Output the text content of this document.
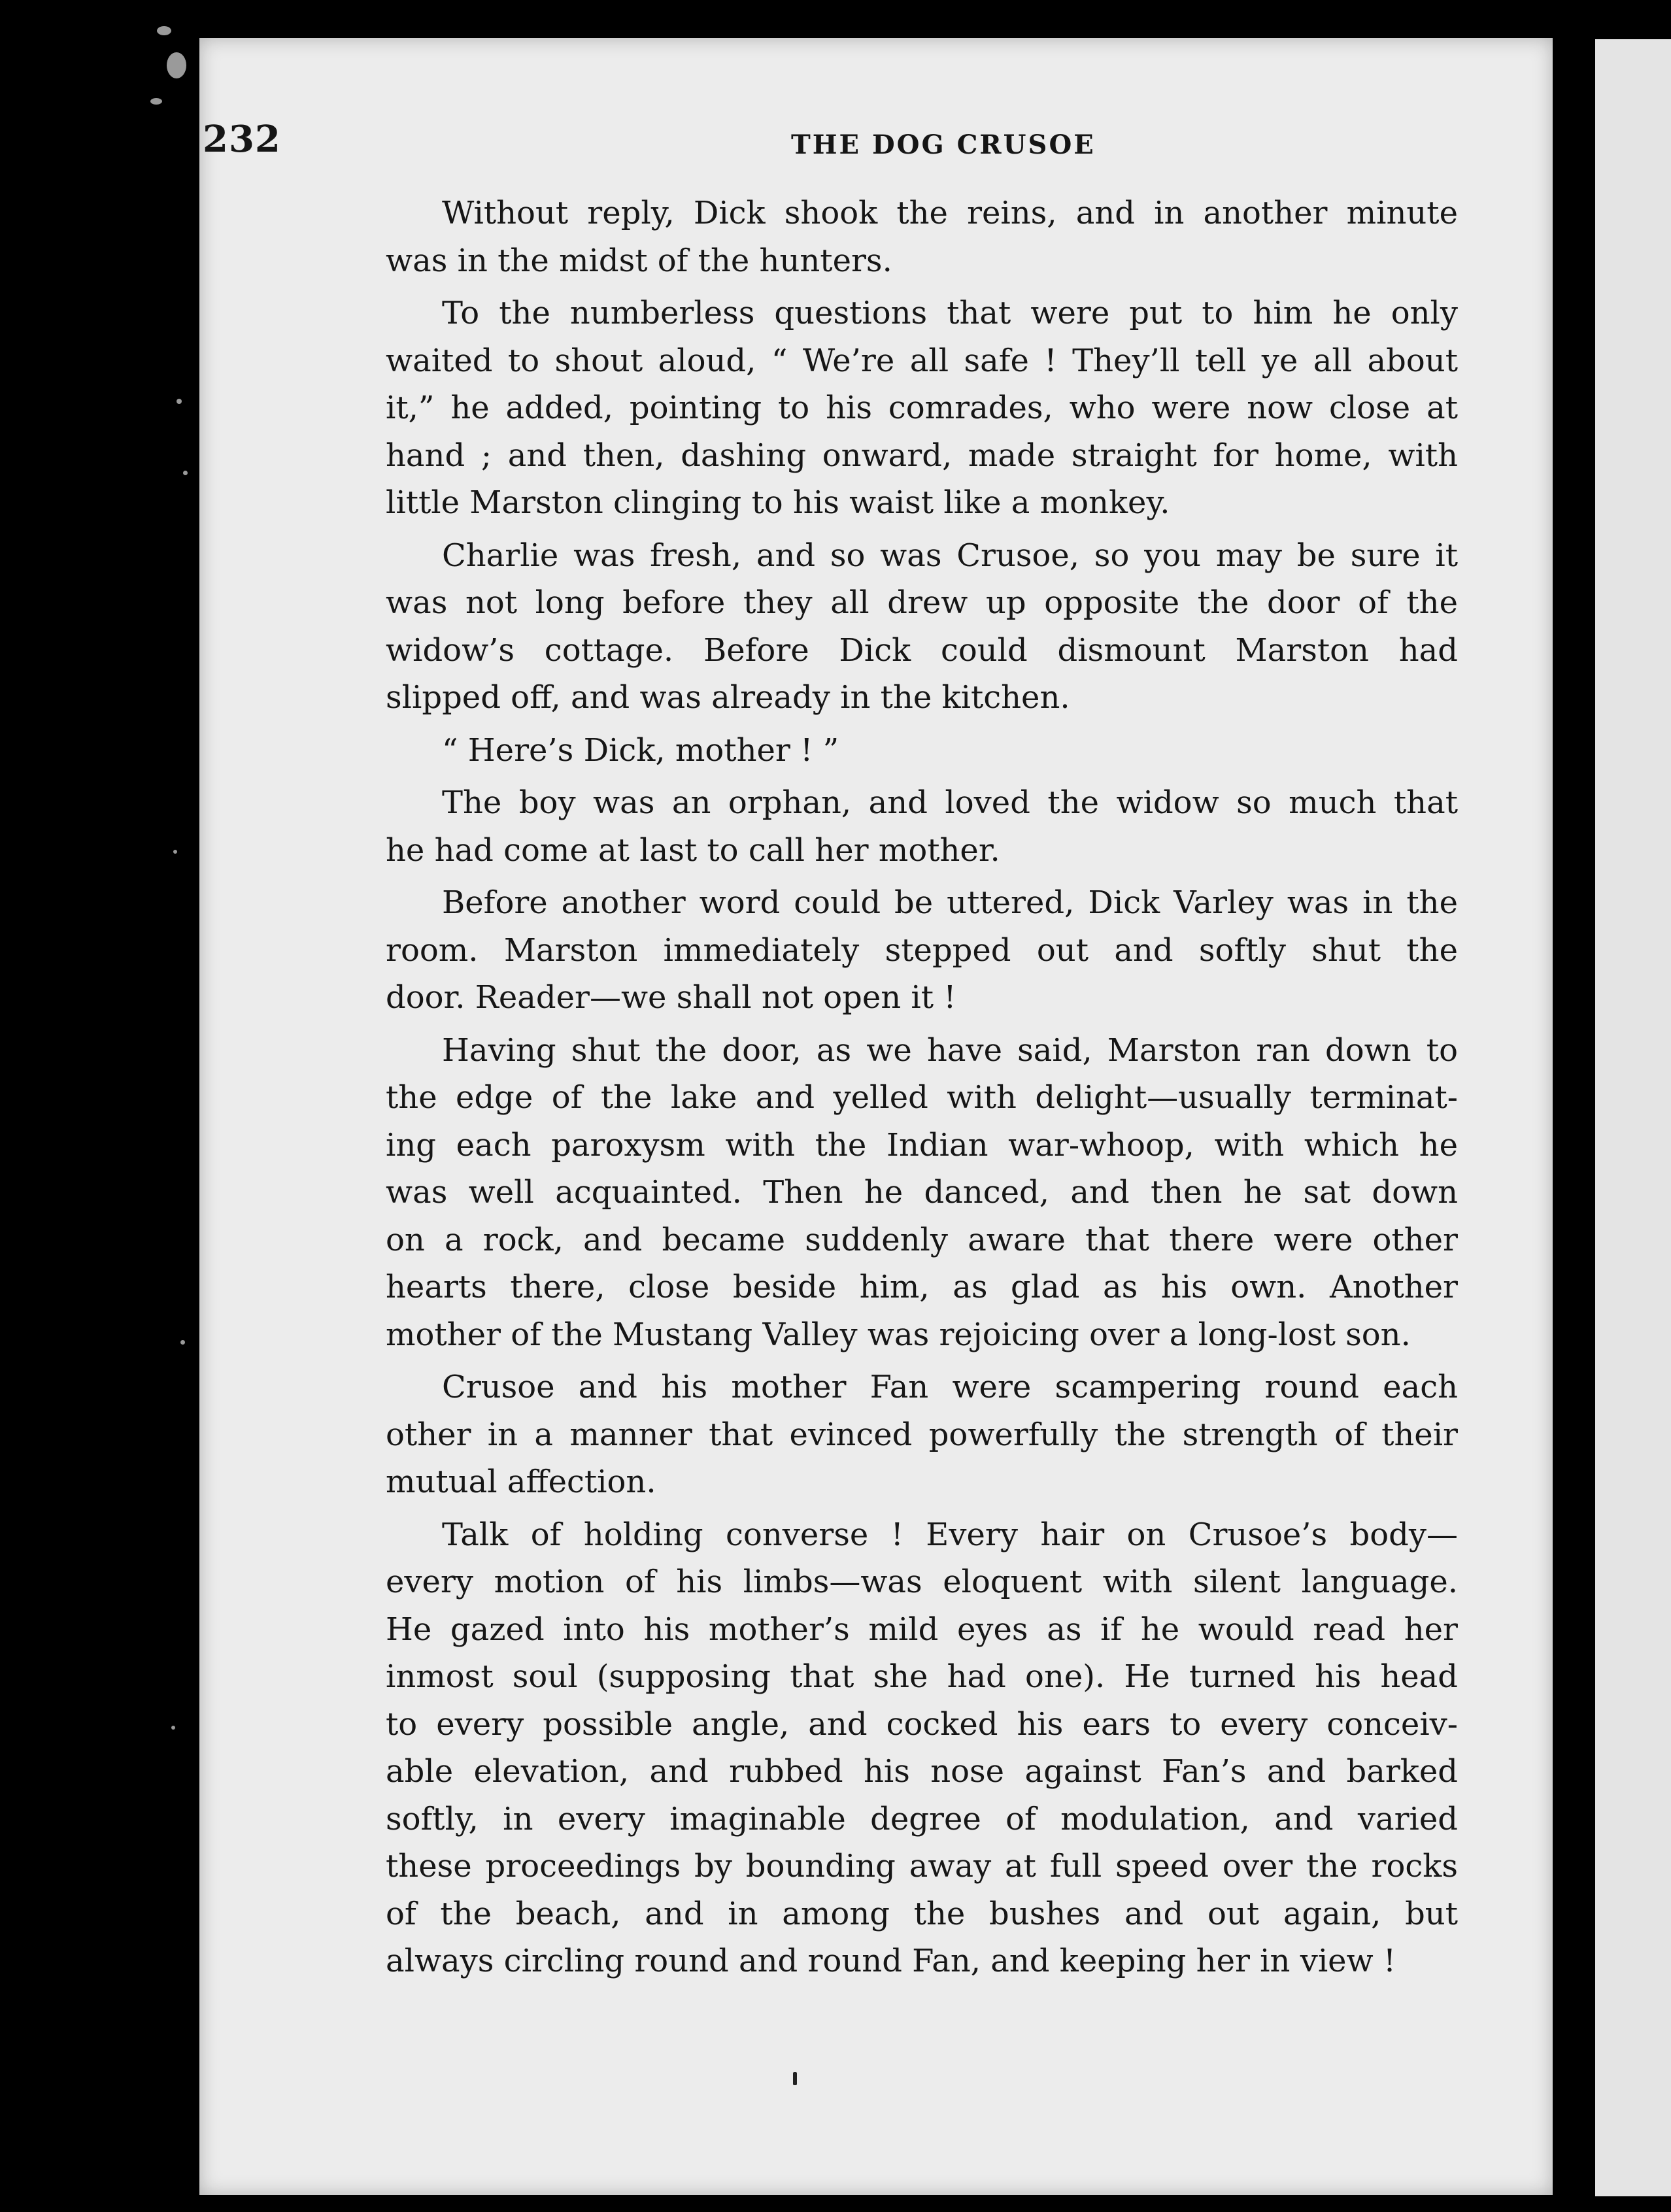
232	THE DOG CRUSOE

Without reply, Dick shook the reins, and in another minute
was in the midst of the hunters.

To the numberless questions that were put to him he only
waited to shout aloud, “ We’re all safe ! They’ll tell ye all about
it,” he added, pointing to his comrades, who were now close at
hand ; and then, dashing onward, made straight for home, with
little Marston clinging to his waist like a monkey.

Charlie was fresh, and so was Crusoe, so you may be sure it
was not long before they all drew up opposite the door of the
widow’s cottage. Before Dick could dismount Marston had
slipped off, and was already in the kitchen.

“ Here’s Dick, mother ! ”

The boy was an orphan, and loved the widow so much that
he had come at last to call her mother.

Before another word could be uttered, Dick Varley was in the
room. Marston immediately stepped out and softly shut the
door. Reader—we shall not open it !

Having shut the door, as we have said, Marston ran down to
the edge of the lake and yelled with delight—usually terminat-
ing each paroxysm with the Indian war-whoop, with which he
was well acquainted. Then he danced, and then he sat down
on a rock, and became suddenly aware that there were other
hearts there, close beside him, as glad as his own. Another
mother of the Mustang Valley was rejoicing over a long-lost son.

Crusoe and his mother Fan were scampering round each
other in a manner that evinced powerfully the strength of their
mutual affection.

Talk of holding converse ! Every hair on Crusoe’s body—
every motion of his limbs—was eloquent with silent language.
He gazed into his mother’s mild eyes as if he would read her
inmost soul (supposing that she had one). He turned his head
to every possible angle, and cocked his ears to every conceiv-
able elevation, and rubbed his nose against Fan’s and barked
softly, in every imaginable degree of modulation, and varied
these proceedings by bounding away at full speed over the rocks
of the beach, and in among the bushes and out again, but
always circling round and round Fan, and keeping her in view !
